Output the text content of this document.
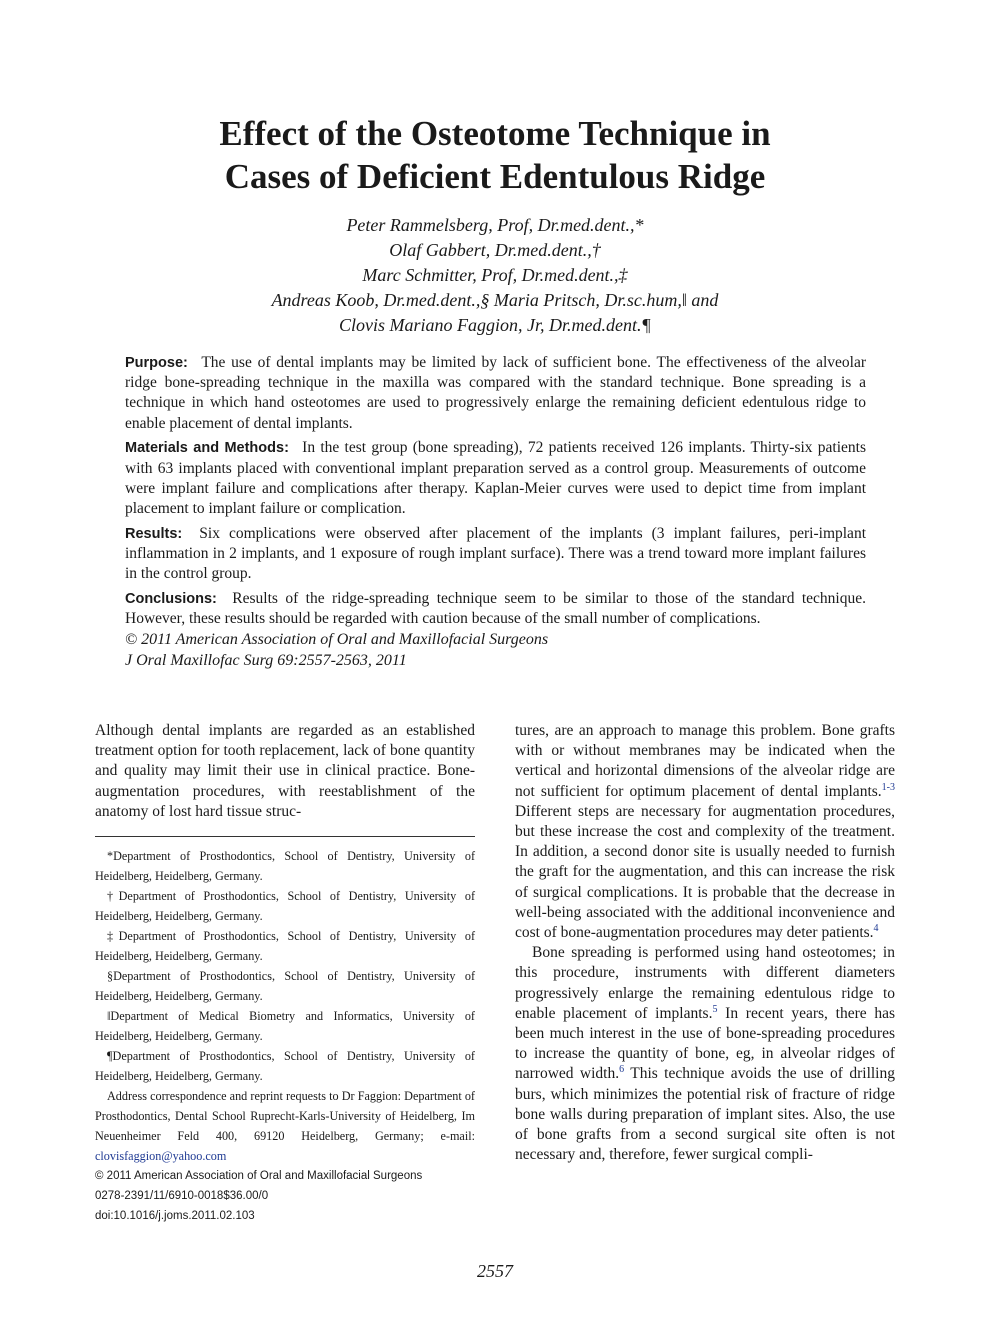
Effect of the Osteotome Technique in
Cases of Deficient Edentulous Ridge
Peter Rammelsberg, Prof, Dr.med.dent.,*
Olaf Gabbert, Dr.med.dent.,†
Marc Schmitter, Prof, Dr.med.dent.,‡
Andreas Koob, Dr.med.dent.,§ Maria Pritsch, Dr.sc.hum,‖ and
Clovis Mariano Faggion, Jr, Dr.med.dent.¶
Purpose: The use of dental implants may be limited by lack of sufficient bone. The effectiveness of the alveolar ridge bone-spreading technique in the maxilla was compared with the standard technique. Bone spreading is a technique in which hand osteotomes are used to progressively enlarge the remaining deficient edentulous ridge to enable placement of dental implants.
Materials and Methods: In the test group (bone spreading), 72 patients received 126 implants. Thirty-six patients with 63 implants placed with conventional implant preparation served as a control group. Measurements of outcome were implant failure and complications after therapy. Kaplan-Meier curves were used to depict time from implant placement to implant failure or complication.
Results: Six complications were observed after placement of the implants (3 implant failures, peri-implant inflammation in 2 implants, and 1 exposure of rough implant surface). There was a trend toward more implant failures in the control group.
Conclusions: Results of the ridge-spreading technique seem to be similar to those of the standard technique. However, these results should be regarded with caution because of the small number of complications.
© 2011 American Association of Oral and Maxillofacial Surgeons
J Oral Maxillofac Surg 69:2557-2563, 2011

Although dental implants are regarded as an established treatment option for tooth replacement, lack of bone quantity and quality may limit their use in clinical practice. Bone-augmentation procedures, with reestablishment of the anatomy of lost hard tissue struc-

*Department of Prosthodontics, School of Dentistry, University of Heidelberg, Heidelberg, Germany.

†Department of Prosthodontics, School of Dentistry, University of Heidelberg, Heidelberg, Germany.

‡Department of Prosthodontics, School of Dentistry, University of Heidelberg, Heidelberg, Germany.

§Department of Prosthodontics, School of Dentistry, University of Heidelberg, Heidelberg, Germany.

‖Department of Medical Biometry and Informatics, University of Heidelberg, Heidelberg, Germany.

¶Department of Prosthodontics, School of Dentistry, University of Heidelberg, Heidelberg, Germany.

Address correspondence and reprint requests to Dr Faggion: Department of Prosthodontics, Dental School Ruprecht-Karls-University of Heidelberg, Im Neuenheimer Feld 400, 69120 Heidelberg, Germany; e-mail: clovisfaggion@yahoo.com

© 2011 American Association of Oral and Maxillofacial Surgeons

0278-2391/11/6910-0018$36.00/0

doi:10.1016/j.joms.2011.02.103

tures, are an approach to manage this problem. Bone grafts with or without membranes may be indicated when the vertical and horizontal dimensions of the alveolar ridge are not sufficient for optimum placement of dental implants.$^{1-3}$ Different steps are necessary for augmentation procedures, but these increase the cost and complexity of the treatment. In addition, a second donor site is usually needed to furnish the graft for the augmentation, and this can increase the risk of surgical complications. It is probable that the decrease in well-being associated with the additional inconvenience and cost of bone-augmentation procedures may deter patients.$^4$

Bone spreading is performed using hand osteotomes; in this procedure, instruments with different diameters progressively enlarge the remaining edentulous ridge to enable placement of implants.$^5$ In recent years, there has been much interest in the use of bone-spreading procedures to increase the quantity of bone, eg, in alveolar ridges of narrowed width.$^6$ This technique avoids the use of drilling burs, which minimizes the potential risk of fracture of ridge bone walls during preparation of implant sites. Also, the use of bone grafts from a second surgical site often is not necessary and, therefore, fewer surgical compli-

2557
